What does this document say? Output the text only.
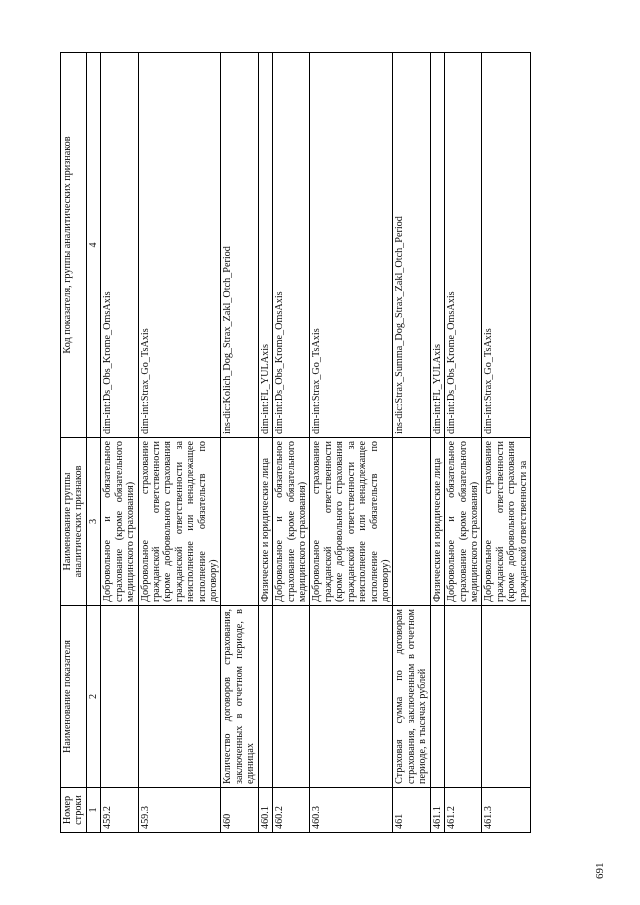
691
Номер строки	Наименование показателя	Наименование группы аналитических признаков	Код показателя, группы аналитических признаков
1	2	3	4
459.2		Добровольное и обязательное страхование (кроме обязательного медицинского страхования)	dim-int:Ds_Obs_Krome_OmsAxis
459.3		Добровольное страхование гражданской ответственности (кроме добровольного страхования гражданской ответственности за неисполнение или ненадлежащее исполнение обязательств по договору)	dim-int:Strax_Go_TsAxis
460	Количество договоров страхования, заключенных в отчетном периоде, в единицах		ins-dic:Kolich_Dog_Strax_Zakl_Otch_Period
460.1		Физические и юридические лица	dim-int:FL_YULAxis
460.2		Добровольное и обязательное страхование (кроме обязательного медицинского страхования)	dim-int:Ds_Obs_Krome_OmsAxis
460.3		Добровольное страхование гражданской ответственности (кроме добровольного страхования гражданской ответственности за неисполнение или ненадлежащее исполнение обязательств по договору)	dim-int:Strax_Go_TsAxis
461	Страховая сумма по договорам страхования, заключенным в отчетном периоде, в тысячах рублей		ins-dic:Strax_Summa_Dog_Strax_Zakl_Otch_Period
461.1		Физические и юридические лица	dim-int:FL_YULAxis
461.2		Добровольное и обязательное страхование (кроме обязательного медицинского страхования)	dim-int:Ds_Obs_Krome_OmsAxis
461.3		Добровольное страхование гражданской ответственности (кроме добровольного страхования гражданской ответственности за	dim-int:Strax_Go_TsAxis
